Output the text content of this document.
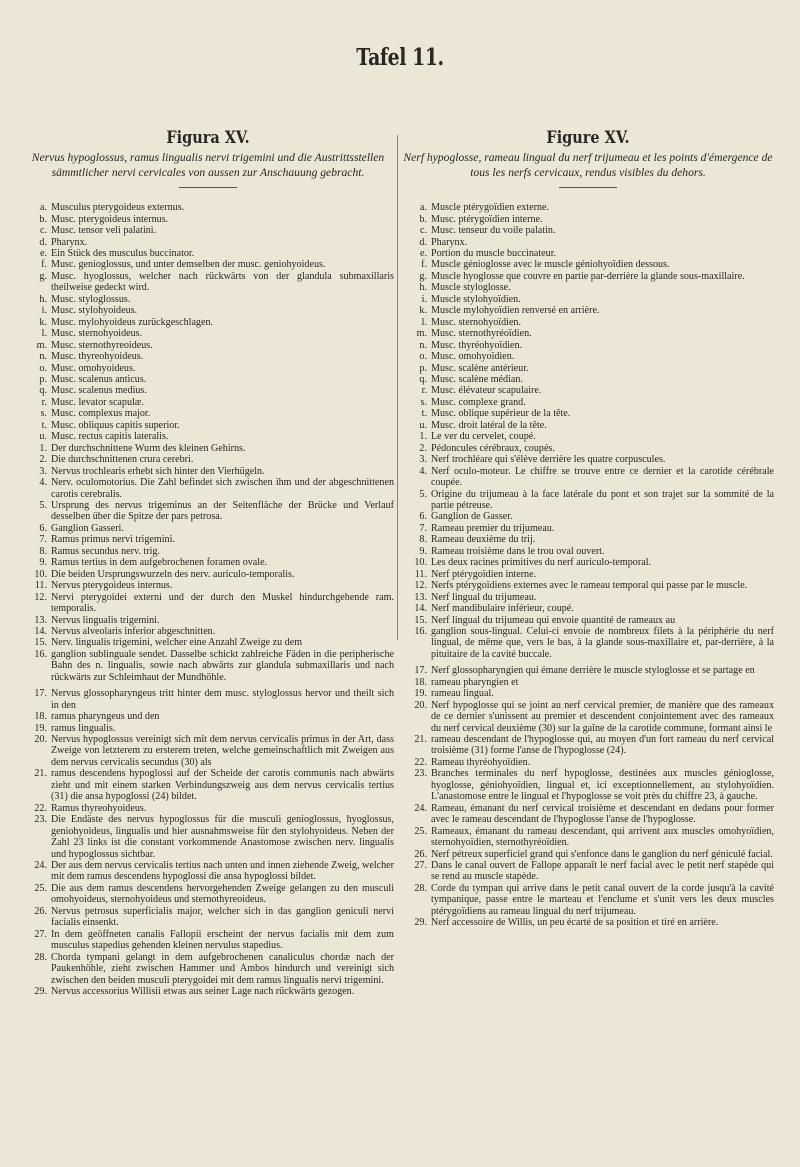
Tafel 11.
Figura XV.

Nervus hypoglossus, ramus lingualis nervi trigemini und die Austrittsstellen sämmtlicher nervi cervicales von aussen zur Anschauung gebracht.

a. Musculus pterygoideus externus.
b. Musc. pterygoideus internus.
c. Musc. tensor veli palatini.
d. Pharynx.
e. Ein Stück des musculus buccinator.
f. Musc. genioglossus, und unter demselben der musc. geniohyoideus.
g. Musc. hyoglossus, welcher nach rückwärts von der glandula submaxillaris theilweise gedeckt wird.
h. Musc. styloglossus.
i. Musc. stylohyoideus.
k. Musc. mylohyoideus zurückgeschlagen.
l. Musc. sternohyoideus.
m. Musc. sternothyreoideus.
n. Musc. thyreohyoideus.
o. Musc. omohyoideus.
p. Musc. scalenus anticus.
q. Musc. scalenus medius.
r. Musc. levator scapulæ.
s. Musc. complexus major.
t. Musc. obliquus capitis superior.
u. Musc. rectus capitis lateralis.
1. Der durchschnittene Wurm des kleinen Gehirns.
2. Die durchschnittenen crura cerebri.
3. Nervus trochlearis erhebt sich hinter den Vierhügeln.
4. Nerv. oculomotorius. Die Zahl befindet sich zwischen ihm und der abgeschnittenen carotis cerebralis.
5. Ursprung des nervus trigeminus an der Seitenfläche der Brücke und Verlauf desselben über die Spitze der pars petrosa.
6. Ganglion Gasseri.
7. Ramus primus nervi trigemini.
8. Ramus secundus nerv. trig.
9. Ramus tertius in dem aufgebrochenen foramen ovale.
10. Die beiden Ursprungswurzeln des nerv. auriculo-temporalis.
11. Nervus pterygoideus internus.
12. Nervi pterygoidei externi und der durch den Muskel hindurchgehende ram. temporalis.
13. Nervus lingualis trigemini.
14. Nervus alveolaris inferior abgeschnitten.
15. Nerv. lingualis trigemini, welcher eine Anzahl Zweige zu dem
16. ganglion sublinguale sendet. Dasselbe schickt zahlreiche Fäden in die peripherische Bahn des n. lingualis, sowie nach abwärts zur glandula submaxillaris und nach rückwärts zur Schleimhaut der Mundhöhle.
17. Nervus glossopharyngeus tritt hinter dem musc. styloglossus hervor und theilt sich in den
18. ramus pharyngeus und den
19. ramus lingualis.
20. Nervus hypoglossus vereinigt sich mit dem nervus cervicalis primus in der Art, dass Zweige von letzterem zu ersterem treten, welche gemeinschaftlich mit Zweigen aus dem nervus cervicalis secundus (30) als
21. ramus descendens hypoglossi auf der Scheide der carotis communis nach abwärts zieht und mit einem starken Verbindungszweig aus dem nervus cervicalis tertius (31) die ansa hypoglossi (24) bildet.
22. Ramus thyreohyoideus.
23. Die Endäste des nervus hypoglossus für die musculi genioglossus, hyoglossus, geniohyoideus, lingualis und hier ausnahmsweise für den stylohyoideus. Neben der Zahl 23 links ist die constant vorkommende Anastomose zwischen nerv. lingualis und hypoglossus sichtbar.
24. Der aus dem nervus cervicalis tertius nach unten und innen ziehende Zweig, welcher mit dem ramus descendens hypoglossi die ansa hypoglossi bildet.
25. Die aus dem ramus descendens hervorgehenden Zweige gelangen zu den musculi omohyoideus, sternohyoideus und sternothyreoideus.
26. Nervus petrosus superficialis major, welcher sich in das ganglion geniculi nervi facialis einsenkt.
27. In dem geöffneten canalis Fallopii erscheint der nervus facialis mit dem zum musculus stapedius gehenden kleinen nervulus stapedius.
28. Chorda tympani gelangt in dem aufgebrochenen canaliculus chordæ nach der Paukenhöhle, zieht zwischen Hammer und Ambos hindurch und vereinigt sich zwischen den beiden musculi pterygoidei mit dem ramus lingualis nervi trigemini.
29. Nervus accessorius Willisii etwas aus seiner Lage nach rückwärts gezogen.
Figure XV.

Nerf hypoglosse, rameau lingual du nerf trijumeau et les points d'émergence de tous les nerfs cervicaux, rendus visibles du dehors.

a. Muscle ptérygoïdien externe.
b. Musc. ptérygoïdien interne.
c. Musc. tenseur du voile palatin.
d. Pharynx.
e. Portion du muscle buccinateur.
f. Muscle génioglosse avec le muscle géniohyoïdien dessous.
g. Muscle hyoglosse que couvre en partie par-derrière la glande sous-maxillaire.
h. Muscle styloglosse.
i. Muscle stylohyoïdien.
k. Muscle mylohyoïdien renversé en arrière.
l. Musc. sternohyoïdien.
m. Musc. sternothyréoïdien.
n. Musc. thyréohyoïdien.
o. Musc. omohyoïdien.
p. Musc. scalène antérieur.
q. Musc. scalène médian.
r. Musc. élévateur scapulaire.
s. Musc. complexe grand.
t. Musc. oblique supérieur de la tête.
u. Musc. droit latéral de la tête.
1. Le ver du cervelet, coupé.
2. Pédoncules cérébraux, coupés.
3. Nerf trochléare qui s'élève derrière les quatre corpuscules.
4. Nerf oculo-moteur. Le chiffre se trouve entre ce dernier et la carotide cérébrale coupée.
5. Origine du trijumeau à la face latérale du pont et son trajet sur la sommité de la partie pétreuse.
6. Ganglion de Gasser.
7. Rameau premier du trijumeau.
8. Rameau deuxième du trij.
9. Rameau troisième dans le trou oval ouvert.
10. Les deux racines primitives du nerf auriculo-temporal.
11. Nerf ptérygoïdien interne.
12. Nerfs ptérygoïdiens externes avec le rameau temporal qui passe par le muscle.
13. Nerf lingual du trijumeau.
14. Nerf mandibulaire inférieur, coupé.
15. Nerf lingual du trijumeau qui envoie quantité de rameaux au
16. ganglion sous-lingual. Celui-ci envoie de nombreux filets à la périphérie du nerf lingual, de même que, vers le bas, à la glande sous-maxillaire et, par-derrière, à la pituitaire de la cavité buccale.
17. Nerf glossopharyngien qui émane derrière le muscle styloglosse et se partage en
18. rameau pharyngien et
19. rameau lingual.
20. Nerf hypoglosse qui se joint au nerf cervical premier, de manière que des rameaux de ce dernier s'unissent au premier et descendent conjointement avec des rameaux du nerf cervical deuxième (30) sur la gaîne de la carotide commune, formant ainsi le
21. rameau descendant de l'hypoglosse qui, au moyen d'un fort rameau du nerf cervical troisième (31) forme l'anse de l'hypoglosse (24).
22. Rameau thyréohyoïdien.
23. Branches terminales du nerf hypoglosse, destinées aux muscles génioglosse, hyoglosse, géniohyoïdien, lingual et, ici exceptionnellement, au stylohyoïdien. L'anastomose entre le lingual et l'hypoglosse se voit près du chiffre 23, à gauche.
24. Rameau, émanant du nerf cervical troisième et descendant en dedans pour former avec le rameau descendant de l'hypoglosse l'anse de l'hypoglosse.
25. Rameaux, émanant du rameau descendant, qui arrivent aux muscles omohyoïdien, sternohyoïdien, sternothyréoïdien.
26. Nerf pétreux superficiel grand qui s'enfonce dans le ganglion du nerf géniculé facial.
27. Dans le canal ouvert de Fallope apparaît le nerf facial avec le petit nerf stapède qui se rend au muscle stapède.
28. Corde du tympan qui arrive dans le petit canal ouvert de la corde jusqu'à la cavité tympanique, passe entre le marteau et l'enclume et s'unit vers les deux muscles ptérygoïdiens au rameau lingual du nerf trijumeau.
29. Nerf accessoire de Willis, un peu écarté de sa position et tiré en arrière.
